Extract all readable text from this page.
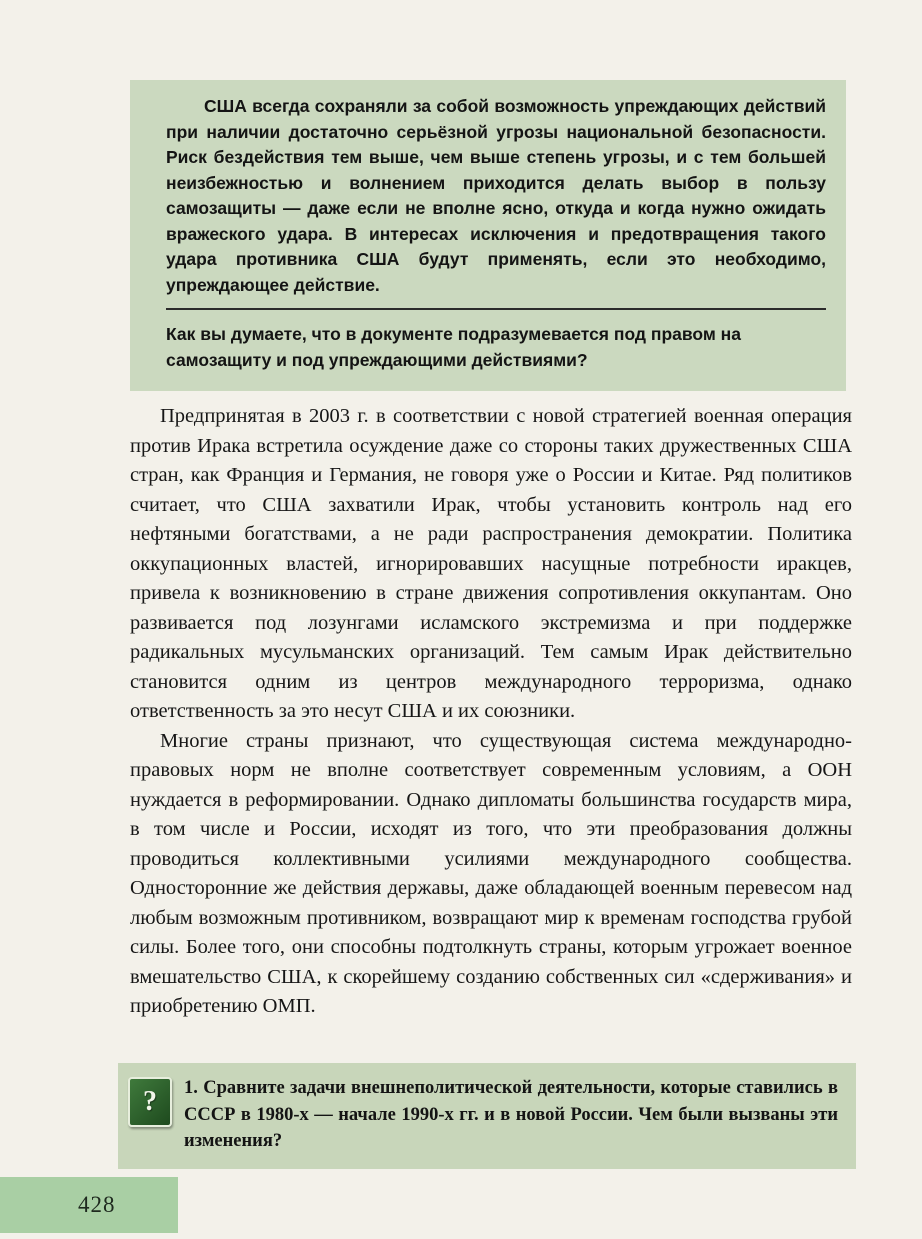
США всегда сохраняли за собой возможность упреждающих действий при наличии достаточно серьёзной угрозы национальной безопасности. Риск бездействия тем выше, чем выше степень угрозы, и с тем большей неизбежностью и волнением приходится делать выбор в пользу самозащиты — даже если не вполне ясно, откуда и когда нужно ожидать вражеского удара. В интересах исключения и предотвращения такого удара противника США будут применять, если это необходимо, упреждающее действие.

Как вы думаете, что в документе подразумевается под правом на самозащиту и под упреждающими действиями?

Предпринятая в 2003 г. в соответствии с новой стратегией военная операция против Ирака встретила осуждение даже со стороны таких дружественных США стран, как Франция и Германия, не говоря уже о России и Китае. Ряд политиков считает, что США захватили Ирак, чтобы установить контроль над его нефтяными богатствами, а не ради распространения демократии. Политика оккупационных властей, игнорировавших насущные потребности иракцев, привела к возникновению в стране движения сопротивления оккупантам. Оно развивается под лозунгами исламского экстремизма и при поддержке радикальных мусульманских организаций. Тем самым Ирак действительно становится одним из центров международного терроризма, однако ответственность за это несут США и их союзники.

Многие страны признают, что существующая система международно-правовых норм не вполне соответствует современным условиям, а ООН нуждается в реформировании. Однако дипломаты большинства государств мира, в том числе и России, исходят из того, что эти преобразования должны проводиться коллективными усилиями международного сообщества. Односторонние же действия державы, даже обладающей военным перевесом над любым возможным противником, возвращают мир к временам господства грубой силы. Более того, они способны подтолкнуть страны, которым угрожает военное вмешательство США, к скорейшему созданию собственных сил «сдерживания» и приобретению ОМП.

? 1. Сравните задачи внешнеполитической деятельности, которые ставились в СССР в 1980-х — начале 1990-х гг. и в новой России. Чем были вызваны эти изменения?

428
